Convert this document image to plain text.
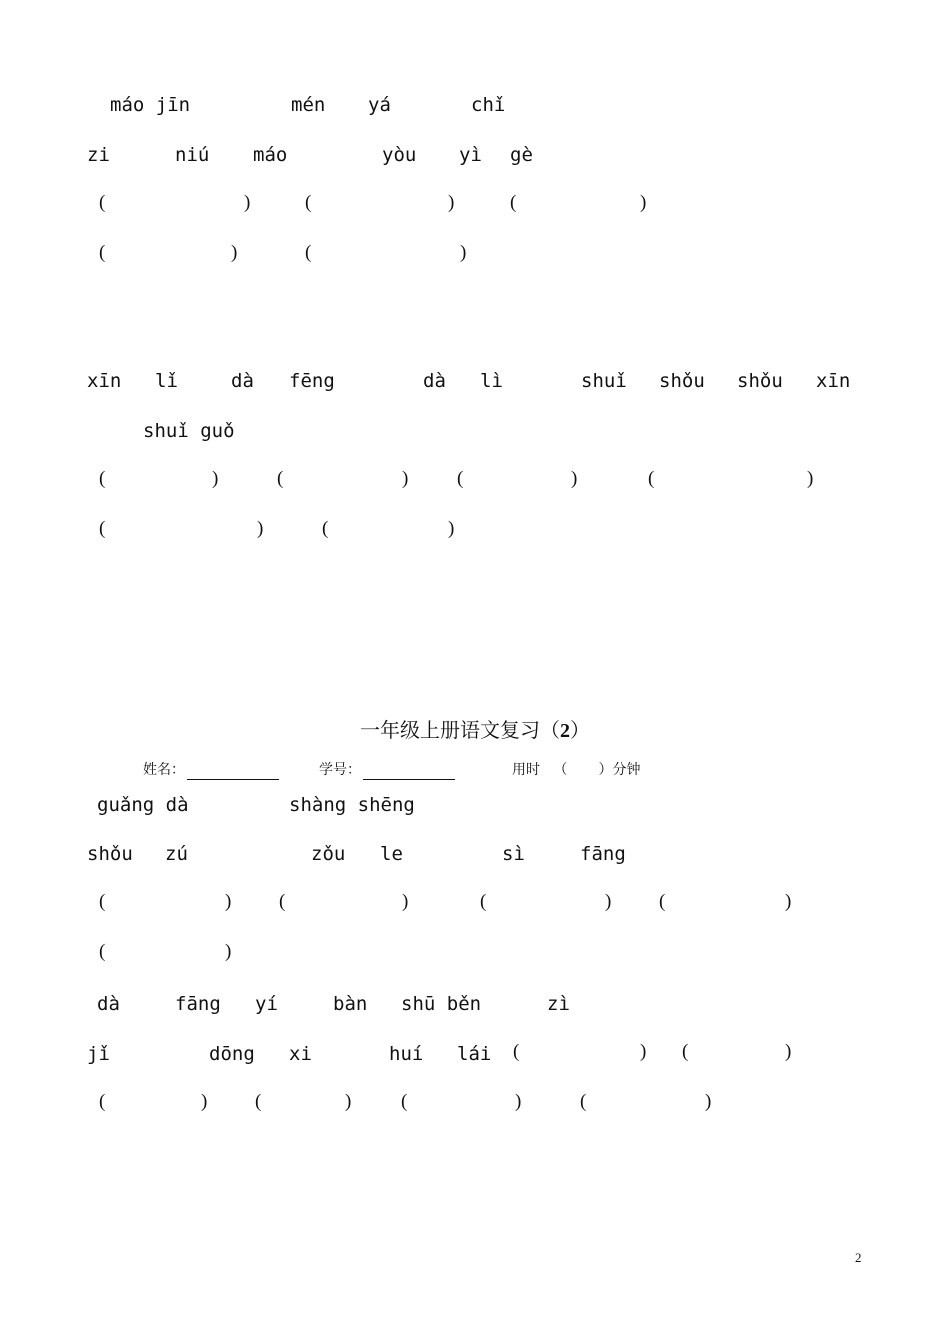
máo jīn	mén yá	chǐ
zi	niú máo	yòu yì gè
(	)	(	)	(	)
(	)	(	)
xīn lǐ	dà fēng	dà lì	shuǐ shǒu shǒu xīn
shuǐ guǒ
(	)	(	)	(	)	(	)
(	)	(	)
一年级上册语文复习（2）
姓名：	学号：	用时 （ ）分钟
guǎng dà	shàng shēng
shǒu zú	zǒu le	sì	fāng
(	)	(	)	(	)	(	)
(	)
dà	fāng yí	bàn shū běn	zì
jǐ	dōng xi	huí lái (	) (	)
(	)	(	)	(	)	(	)
2
